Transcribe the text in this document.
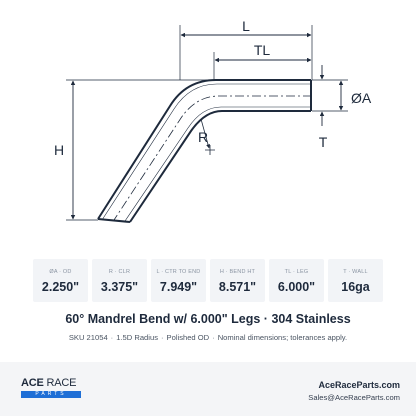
L
TL
H
R
ØA
T
ØA · OD
2.250"
R · CLR
3.375"
L · CTR TO END
7.949"
H · BEND HT
8.571"
TL · LEG
6.000"
T · WALL
16ga
60° Mandrel Bend w/ 6.000" Legs · 304 Stainless
SKU 21054 · 1.5D Radius · Polished OD · Nominal dimensions; tolerances apply.
ACE RACE
PARTS
AceRaceParts.com
Sales@AceRaceParts.com
